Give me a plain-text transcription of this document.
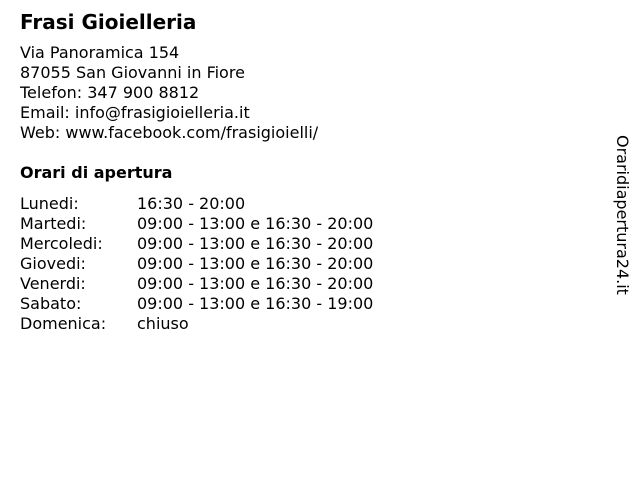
Frasi Gioielleria
Via Panoramica 154
87055 San Giovanni in Fiore
Telefon: 347 900 8812
Email: info@frasigioielleria.it
Web: www.facebook.com/frasigioielli/
Orari di apertura
Lunedi:	16:30 - 20:00
Martedi:	09:00 - 13:00 e 16:30 - 20:00
Mercoledi:	09:00 - 13:00 e 16:30 - 20:00
Giovedi:	09:00 - 13:00 e 16:30 - 20:00
Venerdi:	09:00 - 13:00 e 16:30 - 20:00
Sabato:	09:00 - 13:00 e 16:30 - 19:00
Domenica:	chiuso
Oraridiapertura24.it
